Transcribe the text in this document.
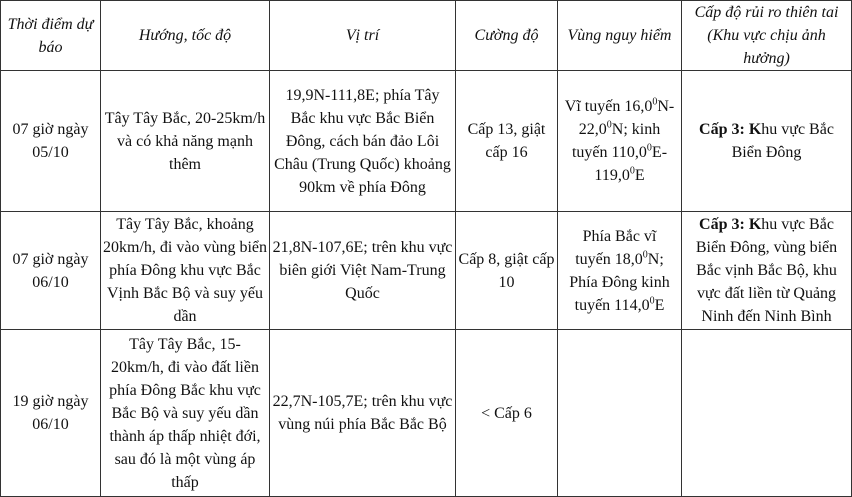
Thời điểm dự báo	Hướng, tốc độ	Vị trí	Cường độ	Vùng nguy hiểm	Cấp độ rủi ro thiên tai (Khu vực chịu ảnh hưởng)
07 giờ ngày 05/10	Tây Tây Bắc, 20-25km/h và có khả năng mạnh thêm	19,9N-111,8E; phía Tây Bắc khu vực Bắc Biển Đông, cách bán đảo Lôi Châu (Trung Quốc) khoảng 90km về phía Đông	Cấp 13, giật cấp 16	Vĩ tuyến 16,0$^0$N-
22,0$^0$N; kinh
tuyến 110,0$^0$E-
119,0$^0$E	Cấp 3: Khu vực Bắc Biển Đông
07 giờ ngày 06/10	Tây Tây Bắc, khoảng 20km/h, đi vào vùng biển phía Đông khu vực Bắc Vịnh Bắc Bộ và suy yếu dần	21,8N-107,6E; trên khu vực biên giới Việt Nam-Trung Quốc	Cấp 8, giật cấp 10	Phía Bắc vĩ
tuyến 18,0$^0$N;
Phía Đông kinh
tuyến 114,0$^0$E	Cấp 3: Khu vực Bắc Biển Đông, vùng biển Bắc vịnh Bắc Bộ, khu vực đất liền từ Quảng Ninh đến Ninh Bình
19 giờ ngày 06/10	Tây Tây Bắc, 15-20km/h, đi vào đất liền phía Đông Bắc khu vực Bắc Bộ và suy yếu dần thành áp thấp nhiệt đới, sau đó là một vùng áp thấp	22,7N-105,7E; trên khu vực vùng núi phía Bắc Bắc Bộ	< Cấp 6		
